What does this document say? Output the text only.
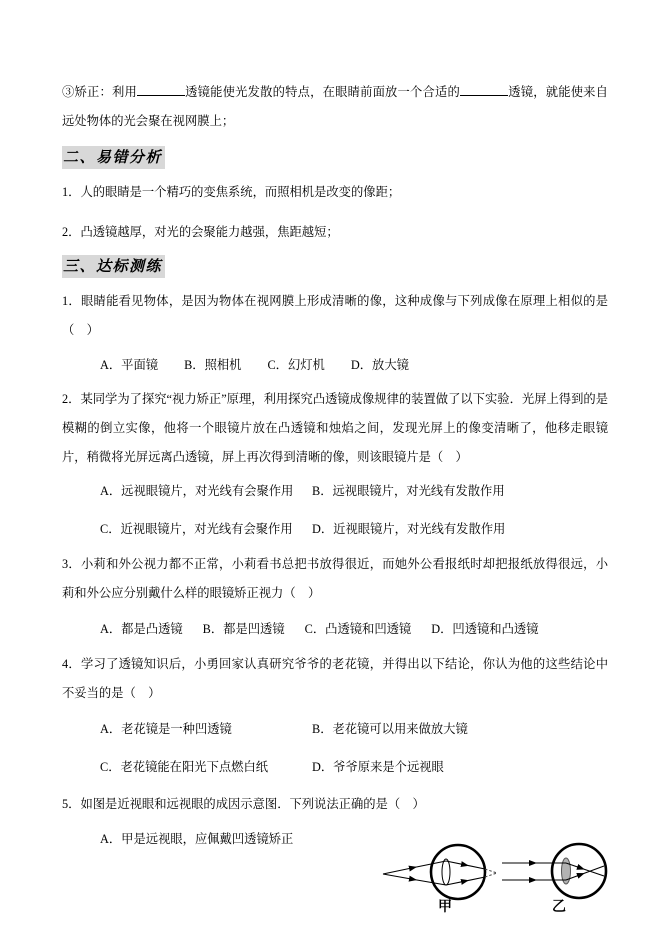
③矫正：利用	透镜能使光发散的特点，在眼睛前面放一个合适的	透镜，就能使来自远处物体的光会聚在视网膜上；

二、易错分析

1．人的眼睛是一个精巧的变焦系统，而照相机是改变的像距；

2．凸透镜越厚，对光的会聚能力越强，焦距越短；

三、达标测练

1．眼睛能看见物体，是因为物体在视网膜上形成清晰的像，这种成像与下列成像在原理上相似的是（　）

A．平面镜 B．照相机 C．幻灯机 D．放大镜

2．某同学为了探究“视力矫正”原理，利用探究凸透镜成像规律的装置做了以下实验．光屏上得到的是模糊的倒立实像，他将一个眼镜片放在凸透镜和烛焰之间，发现光屏上的像变清晰了，他移走眼镜片，稍微将光屏远离凸透镜，屏上再次得到清晰的像，则该眼镜片是（　）

A．远视眼镜片，对光线有会聚作用	B．远视眼镜片，对光线有发散作用
C．近视眼镜片，对光线有会聚作用	D．近视眼镜片，对光线有发散作用

3．小莉和外公视力都不正常，小莉看书总把书放得很近，而她外公看报纸时却把报纸放得很远，小莉和外公应分别戴什么样的眼镜矫正视力（　）

A．都是凸透镜 B．都是凹透镜 C．凸透镜和凹透镜 D．凹透镜和凸透镜

4．学习了透镜知识后，小勇回家认真研究爷爷的老花镜，并得出以下结论，你认为他的这些结论中不妥当的是（　）

A．老花镜是一种凹透镜	B．老花镜可以用来做放大镜
C．老花镜能在阳光下点燃白纸	D．爷爷原来是个远视眼

5．如图是近视眼和远视眼的成因示意图．下列说法正确的是（　）

A．甲是远视眼，应佩戴凹透镜矫正
甲	乙
